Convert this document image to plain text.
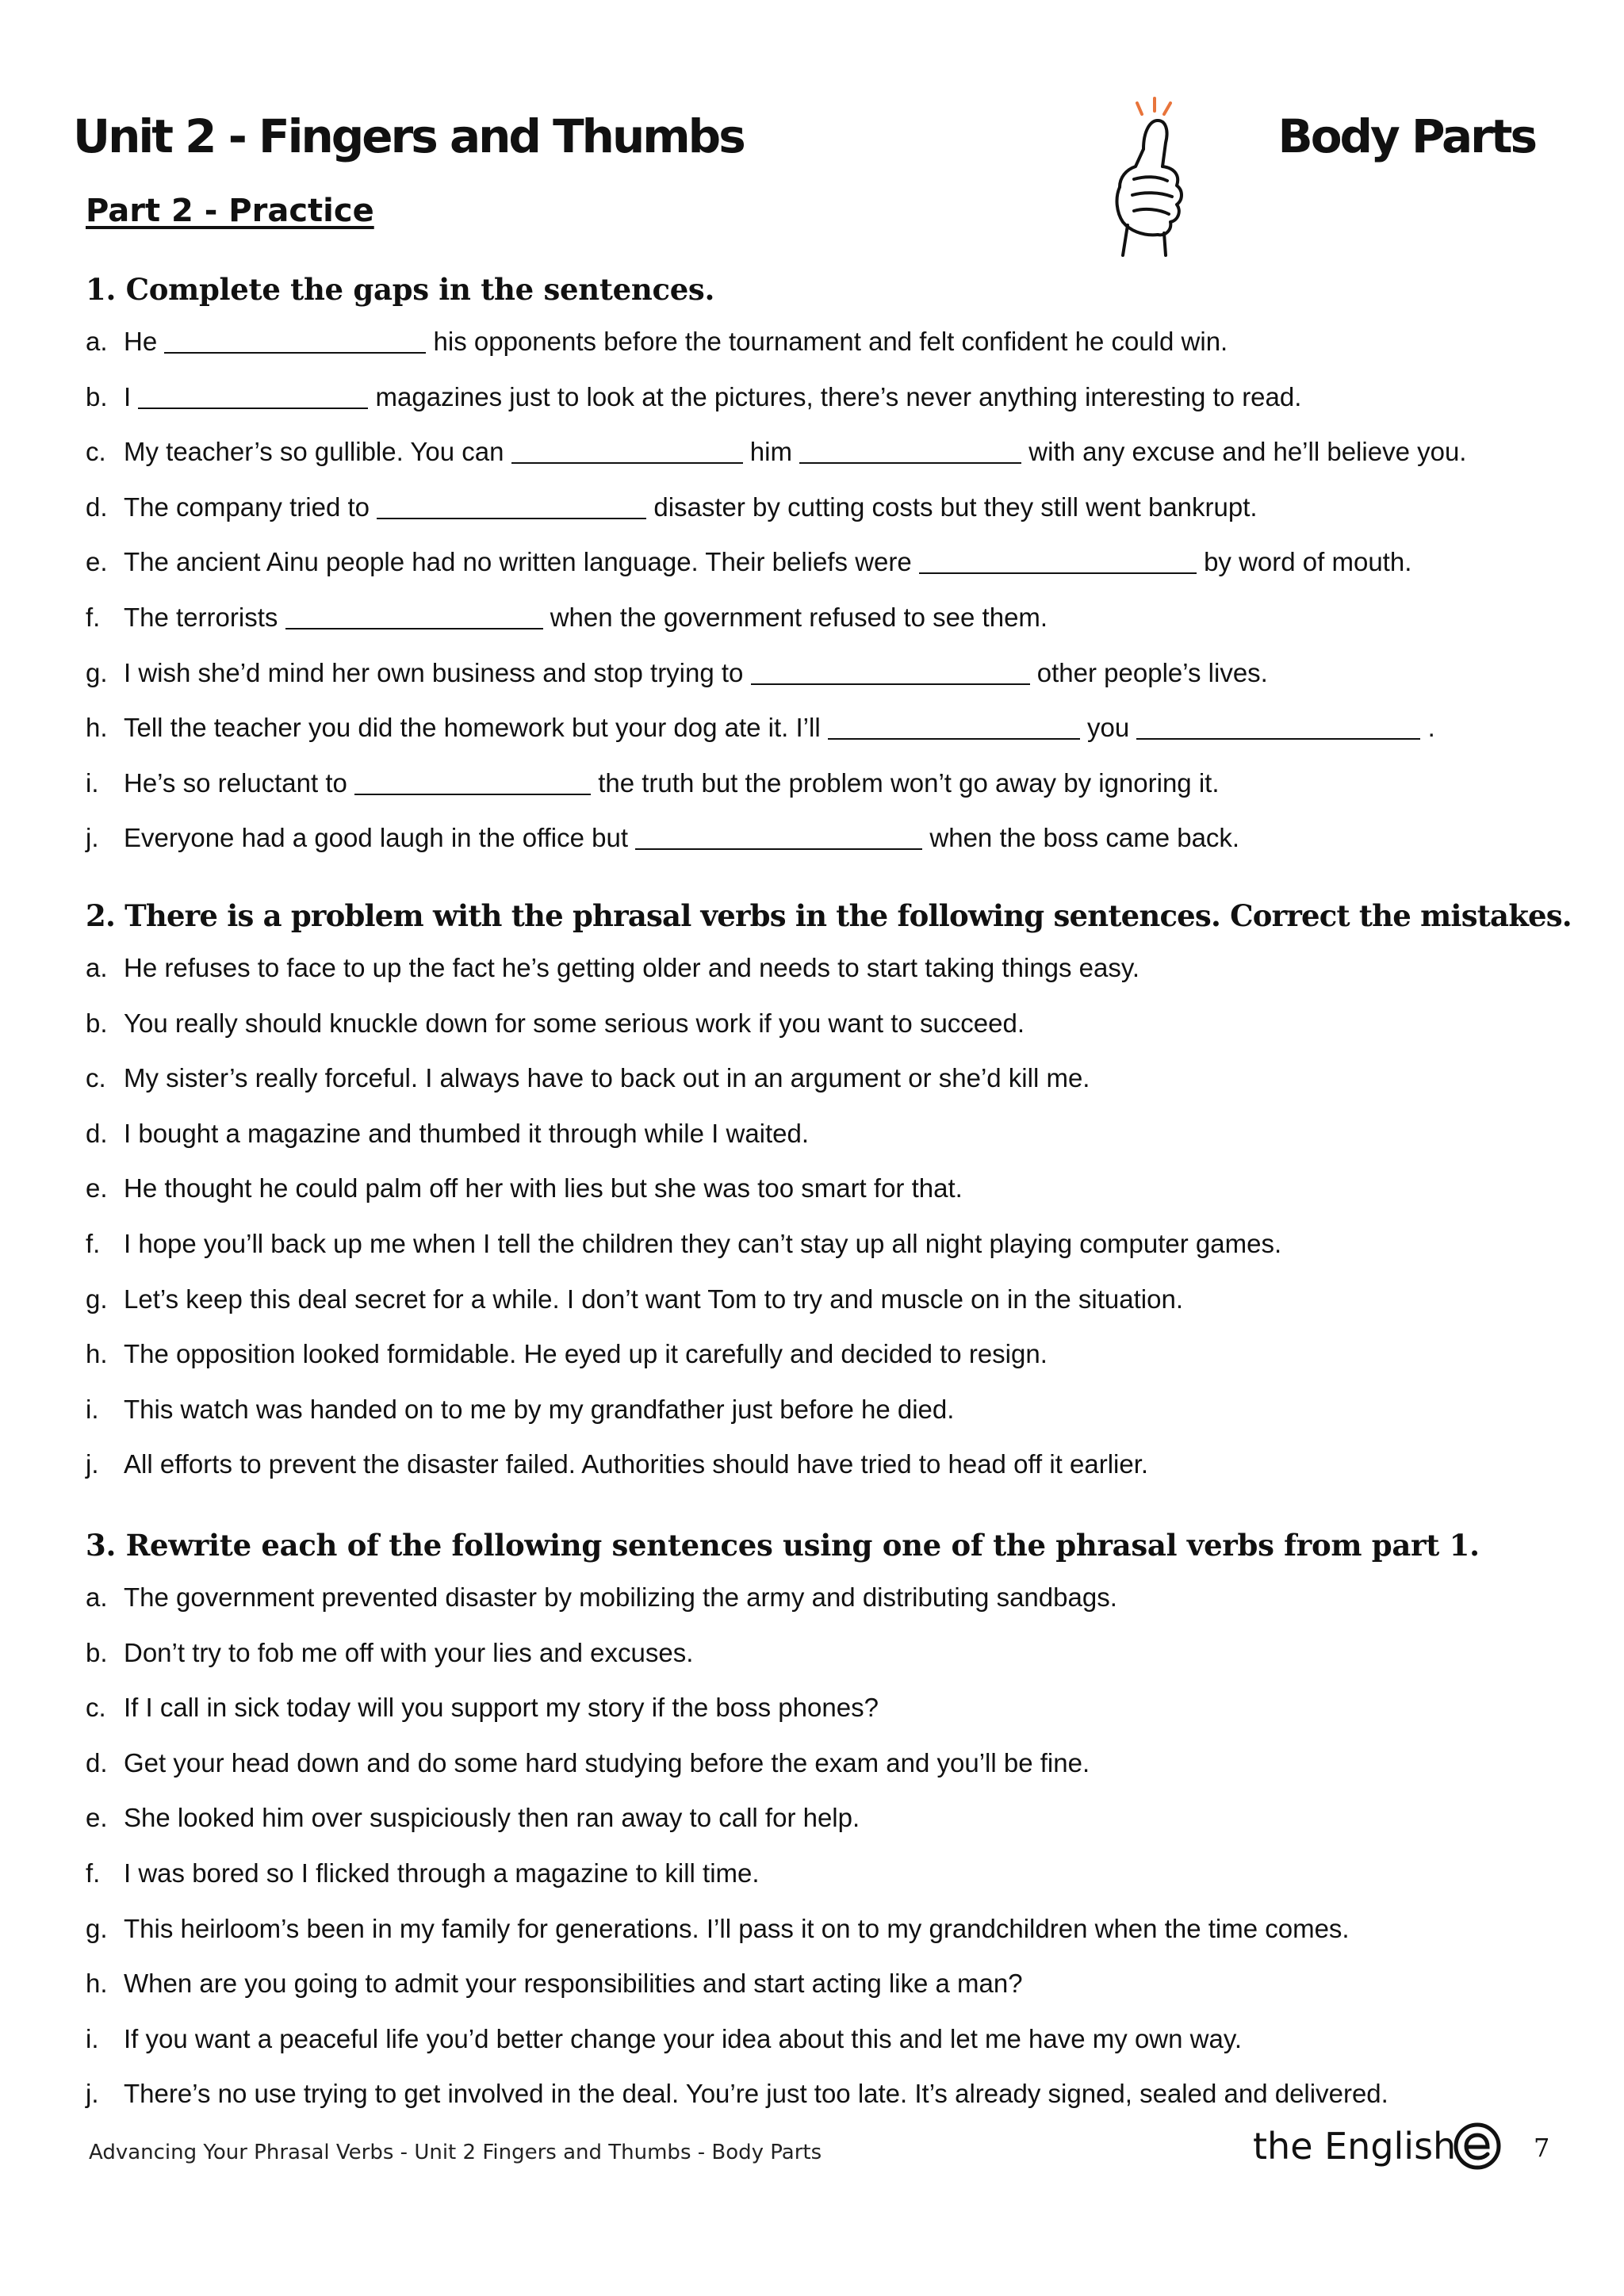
Unit 2 - Fingers and Thumbs	Body Parts
Part 2 - Practice
1. Complete the gaps in the sentences.
a. He	his opponents before the tournament and felt confident he could win.
b. I	magazines just to look at the pictures, there’s never anything interesting to read.
c. My teacher’s so gullible. You can	him	with any excuse and he’ll believe you.
d. The company tried to	disaster by cutting costs but they still went bankrupt.
e. The ancient Ainu people had no written language. Their beliefs were	by word of mouth.
f. The terrorists	when the government refused to see them.
g. I wish she’d mind her own business and stop trying to	other people’s lives.
h. Tell the teacher you did the homework but your dog ate it. I’ll	you	.
i. He’s so reluctant to	the truth but the problem won’t go away by ignoring it.
j. Everyone had a good laugh in the office but	when the boss came back.
2. There is a problem with the phrasal verbs in the following sentences. Correct the mistakes.
a. He refuses to face to up the fact he’s getting older and needs to start taking things easy.
b. You really should knuckle down for some serious work if you want to succeed.
c. My sister’s really forceful. I always have to back out in an argument or she’d kill me.
d. I bought a magazine and thumbed it through while I waited.
e. He thought he could palm off her with lies but she was too smart for that.
f. I hope you’ll back up me when I tell the children they can’t stay up all night playing computer games.
g. Let’s keep this deal secret for a while. I don’t want Tom to try and muscle on in the situation.
h. The opposition looked formidable. He eyed up it carefully and decided to resign.
i. This watch was handed on to me by my grandfather just before he died.
j. All efforts to prevent the disaster failed. Authorities should have tried to head off it earlier.
3. Rewrite each of the following sentences using one of the phrasal verbs from part 1.
a. The government prevented disaster by mobilizing the army and distributing sandbags.
b. Don’t try to fob me off with your lies and excuses.
c. If I call in sick today will you support my story if the boss phones?
d. Get your head down and do some hard studying before the exam and you’ll be fine.
e. She looked him over suspiciously then ran away to call for help.
f. I was bored so I flicked through a magazine to kill time.
g. This heirloom’s been in my family for generations. I’ll pass it on to my grandchildren when the time comes.
h. When are you going to admit your responsibilities and start acting like a man?
i. If you want a peaceful life you’d better change your idea about this and let me have my own way.
j. There’s no use trying to get involved in the deal. You’re just too late. It’s already signed, sealed and delivered.
Advancing Your Phrasal Verbs - Unit 2 Fingers and Thumbs - Body Parts	the English	7
